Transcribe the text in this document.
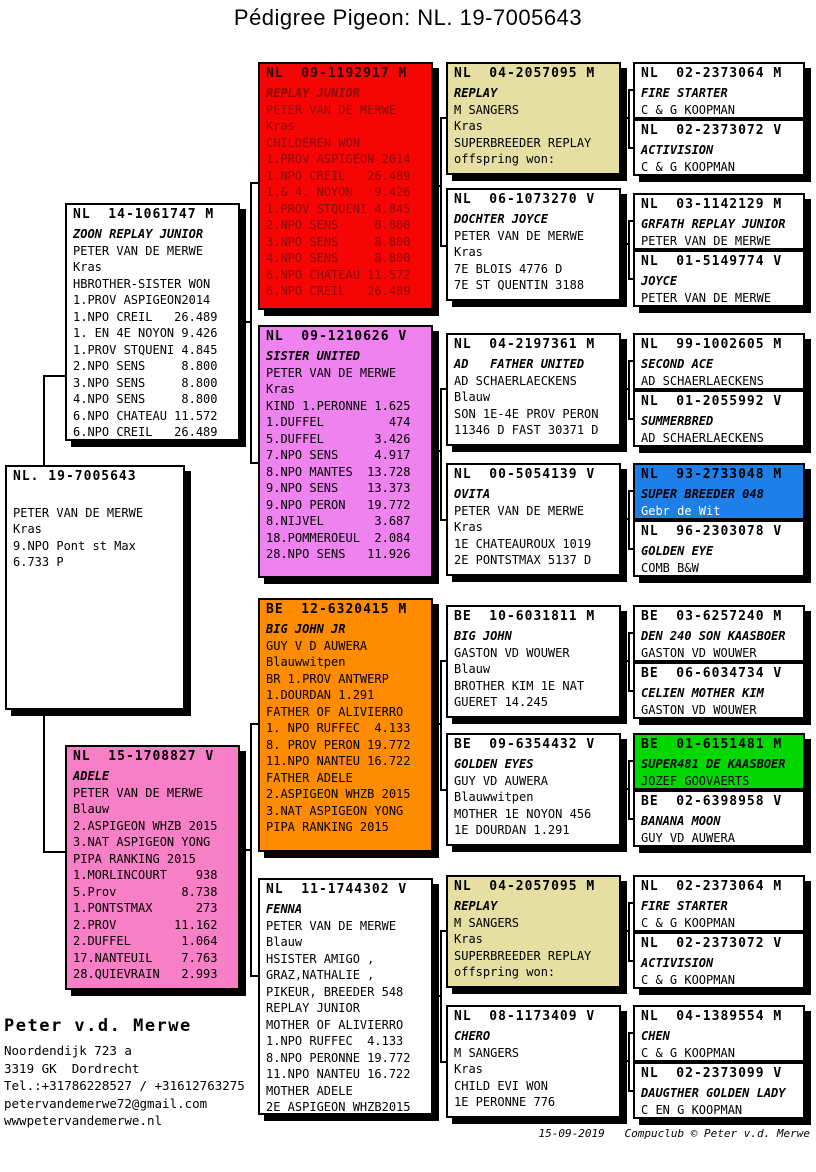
Pédigree Pigeon: NL. 19-7005643
NL  14-1061747 M
ZOON REPLAY JUNIOR
PETER VAN DE MERWE
Kras
HBROTHER-SISTER WON
1.PROV ASPIGEON2014
1.NPO CREIL   26.489
1. EN 4E NOYON 9.426
1.PROV STQUENI 4.845
2.NPO SENS     8.800
3.NPO SENS     8.800
4.NPO SENS     8.800
6.NPO CHATEAU 11.572
6.NPO CREIL   26.489
NL. 19-7005643

PETER VAN DE MERWE
Kras
9.NPO Pont st Max
6.733 P
NL  15-1708827 V
ADELE
PETER VAN DE MERWE
Blauw
2.ASPIGEON WHZB 2015
3.NAT ASPIGEON YONG
PIPA RANKING 2015
1.MORLINCOURT    938
5.Prov         8.738
1.PONTSTMAX      273
2.PROV        11.162
2.DUFFEL       1.064
17.NANTEUIL    7.763
28.QUIEVRAIN   2.993
NL  09-1192917 M
REPLAY JUNIOR
PETER VAN DE MERWE
Kras
CHILDEREN WON
1.PROV ASPIGEON 2014
1.NPO CREIL   26.489
1.& 4. NOYON   9.426
1.PROV STQUENI 4.845
2.NPO SENS     8.800
3.NPO SENS     8.800
4.NPO SENS     8.800
6.NPO CHATEAU 11.572
6.NPO CREIL   26.489
NL  09-1210626 V
SISTER UNITED
PETER VAN DE MERWE
Kras
KIND 1.PERONNE 1.625
1.DUFFEL         474
5.DUFFEL       3.426
7.NPO SENS     4.917
8.NPO MANTES  13.728
9.NPO SENS    13.373
9.NPO PERON   19.772
8.NIJVEL       3.687
18.POMMEROEUL  2.084
28.NPO SENS   11.926
BE  12-6320415 M
BIG JOHN JR
GUY V D AUWERA
Blauwwitpen
BR 1.PROV ANTWERP
1.DOURDAN 1.291
FATHER OF ALIVIERRO
1. NPO RUFFEC  4.133
8. PROV PERON 19.772
11.NPO NANTEU 16.722
FATHER ADELE
2.ASPIGEON WHZB 2015
3.NAT ASPIGEON YONG
PIPA RANKING 2015
NL  11-1744302 V
FENNA
PETER VAN DE MERWE
Blauw
HSISTER AMIGO ,
GRAZ,NATHALIE ,
PIKEUR, BREEDER 548
REPLAY JUNIOR
MOTHER OF ALIVIERRO
1.NPO RUFFEC  4.133
8.NPO PERONNE 19.772
11.NPO NANTEU 16.722
MOTHER ADELE
2E ASPIGEON WHZB2015
NL  04-2057095 M
REPLAY
M SANGERS
Kras
SUPERBREEDER REPLAY
offspring won:
NL  06-1073270 V
DOCHTER JOYCE
PETER VAN DE MERWE
Kras
7E BLOIS 4776 D
7E ST QUENTIN 3188
NL  04-2197361 M
AD   FATHER UNITED
AD SCHAERLAECKENS
Blauw
SON 1E-4E PROV PERON
11346 D FAST 30371 D
NL  00-5054139 V
OVITA
PETER VAN DE MERWE
Kras
1E CHATEAUROUX 1019
2E PONTSTMAX 5137 D
BE  10-6031811 M
BIG JOHN
GASTON VD WOUWER
Blauw
BROTHER KIM 1E NAT
GUERET 14.245
BE  09-6354432 V
GOLDEN EYES
GUY VD AUWERA
Blauwwitpen
MOTHER 1E NOYON 456
1E DOURDAN 1.291
NL  04-2057095 M
REPLAY
M SANGERS
Kras
SUPERBREEDER REPLAY
offspring won:
NL  08-1173409 V
CHERO
M SANGERS
Kras
CHILD EVI WON
1E PERONNE 776
NL  02-2373064 M
FIRE STARTER
C & G KOOPMAN
NL  02-2373072 V
ACTIVISION
C & G KOOPMAN
NL  03-1142129 M
GRFATH REPLAY JUNIOR
PETER VAN DE MERWE
NL  01-5149774 V
JOYCE
PETER VAN DE MERWE
NL  99-1002605 M
SECOND ACE
AD SCHAERLAECKENS
NL  01-2055992 V
SUMMERBRED
AD SCHAERLAECKENS
NL  93-2733048 M
SUPER BREEDER 048
Gebr de Wit
NL  96-2303078 V
GOLDEN EYE
COMB B&W
BE  03-6257240 M
DEN 240 SON KAASBOER
GASTON VD WOUWER
BE  06-6034734 V
CELIEN MOTHER KIM
GASTON VD WOUWER
BE  01-6151481 M
SUPER481 DE KAASBOER
JOZEF GOOVAERTS
BE  02-6398958 V
BANANA MOON
GUY VD AUWERA
NL  02-2373064 M
FIRE STARTER
C & G KOOPMAN
NL  02-2373072 V
ACTIVISION
C & G KOOPMAN
NL  04-1389554 M
CHEN
C & G KOOPMAN
NL  02-2373099 V
DAUGTHER GOLDEN LADY
C EN G KOOPMAN
Peter v.d. Merwe
Noordendijk 723 a
3319 GK  Dordrecht
Tel.:+31786228527 / +31612763275
petervandemerwe72@gmail.com
wwwpetervandemerwe.nl
15-09-2019   Compuclub © Peter v.d. Merwe
